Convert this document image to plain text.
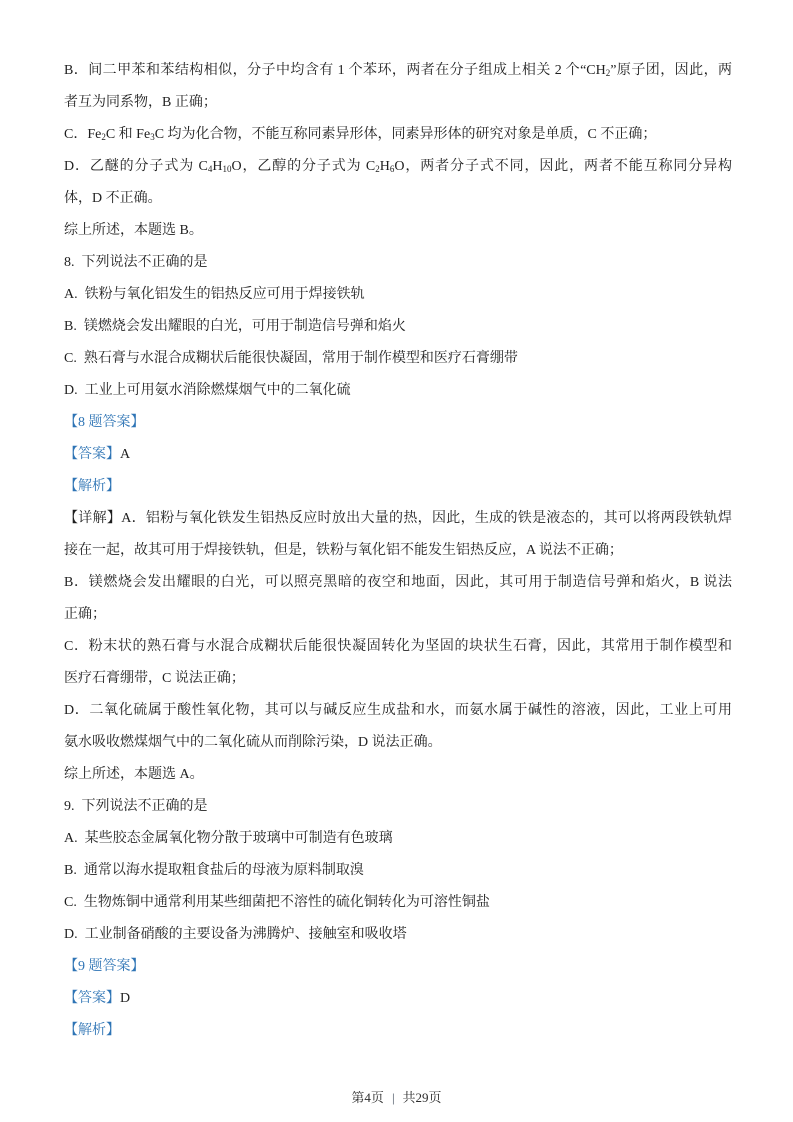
B．间二甲苯和苯结构相似，分子中均含有 1 个苯环，两者在分子组成上相关 2 个“$CH_2$”原子团，因此，两
者互为同系物，B 正确；
C．$Fe_2C$ 和 $Fe_3C$ 均为化合物，不能互称同素异形体，同素异形体的研究对象是单质，C 不正确；
D．乙醚的分子式为 $C_4H_{10}O$，乙醇的分子式为 $C_2H_6O$，两者分子式不同，因此，两者不能互称同分异构
体，D 不正确。
综上所述，本题选 B。
8. 下列说法不正确的是
A. 铁粉与氧化铝发生的铝热反应可用于焊接铁轨
B. 镁燃烧会发出耀眼的白光，可用于制造信号弹和焰火
C. 熟石膏与水混合成糊状后能很快凝固，常用于制作模型和医疗石膏绷带
D. 工业上可用氨水消除燃煤烟气中的二氧化硫
【8 题答案】
【答案】A
【解析】
【详解】A．铝粉与氧化铁发生铝热反应时放出大量的热，因此，生成的铁是液态的，其可以将两段铁轨焊
接在一起，故其可用于焊接铁轨，但是，铁粉与氧化铝不能发生铝热反应，A 说法不正确；
B．镁燃烧会发出耀眼的白光，可以照亮黑暗的夜空和地面，因此，其可用于制造信号弹和焰火，B 说法
正确；
C．粉末状的熟石膏与水混合成糊状后能很快凝固转化为坚固的块状生石膏，因此，其常用于制作模型和
医疗石膏绷带，C 说法正确；
D．二氧化硫属于酸性氧化物，其可以与碱反应生成盐和水，而氨水属于碱性的溶液，因此，工业上可用
氨水吸收燃煤烟气中的二氧化硫从而削除污染，D 说法正确。
综上所述，本题选 A。
9. 下列说法不正确的是
A. 某些胶态金属氧化物分散于玻璃中可制造有色玻璃
B. 通常以海水提取粗食盐后的母液为原料制取溴
C. 生物炼铜中通常利用某些细菌把不溶性的硫化铜转化为可溶性铜盐
D. 工业制备硝酸的主要设备为沸腾炉、接触室和吸收塔
【9 题答案】
【答案】D
【解析】
第4页 | 共29页
